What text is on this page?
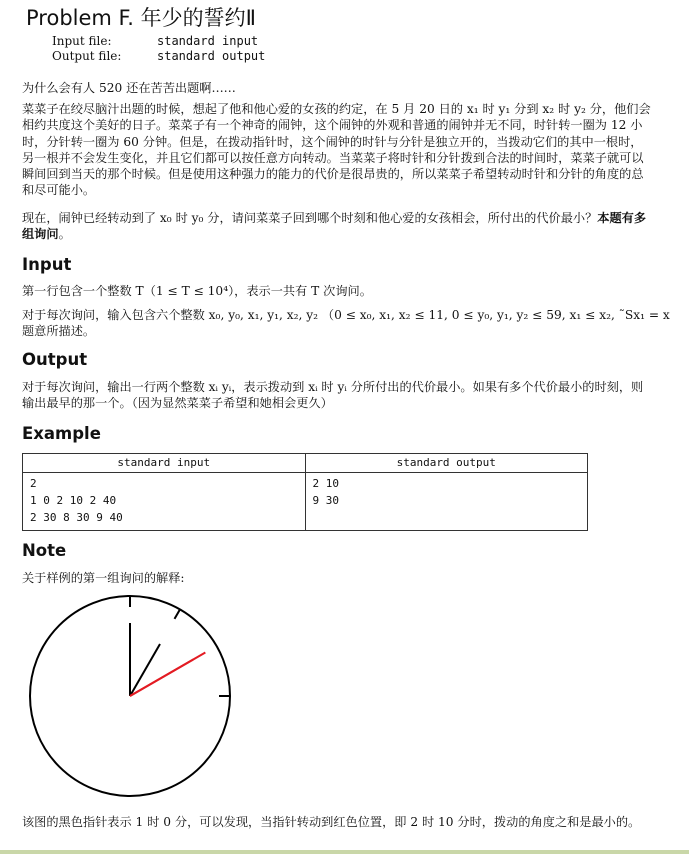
Problem F. 年少的誓约Ⅱ
Input file:	standard input
Output file:	standard output
为什么会有人 520 还在苦苦出题啊……
菜菜子在绞尽脑汁出题的时候，想起了他和他心爱的女孩的约定，在 5 月 20 日的 x₁ 时 y₁ 分到 x₂ 时 y₂ 分，他们会相约共度这个美好的日子。菜菜子有一个神奇的闹钟，这个闹钟的外观和普通的闹钟并无不同，时针转一圈为 12 小时，分针转一圈为 60 分钟。但是，在拨动指针时，这个闹钟的时针与分针是独立开的，当拨动它们的其中一根时，另一根并不会发生变化，并且它们都可以按任意方向转动。当菜菜子将时针和分针拨到合法的时间时，菜菜子就可以瞬间回到当天的那个时候。但是使用这种强力的能力的代价是很昂贵的，所以菜菜子希望转动时针和分针的角度的总和尽可能小。
现在，闹钟已经转动到了 x₀ 时 y₀ 分，请问菜菜子回到哪个时刻和他心爱的女孩相会，所付出的代价最小？本题有多组询问。
Input
第一行包含一个整数 T（1 ≤ T ≤ 10⁴），表示一共有 T 次询问。
对于每次询问，输入包含六个整数 x₀, y₀, x₁, y₁, x₂, y₂ （0 ≤ x₀, x₁, x₂ ≤ 11, 0 ≤ y₀, y₁, y₂ ≤ 59, x₁ ≤ x₂, ˜Sx₁ = x
题意所描述。
Output
对于每次询问，输出一行两个整数 xᵢ yᵢ，表示拨动到 xᵢ 时 yᵢ 分所付出的代价最小。如果有多个代价最小的时刻，则输出最早的那一个。（因为显然菜菜子希望和她相会更久）
Example
standard input
2
1 0 2 10 2 40
2 30 8 30 9 40
standard output
2 10
9 30
Note
关于样例的第一组询问的解释:
该图的黑色指针表示 1 时 0 分，可以发现，当指针转动到红色位置，即 2 时 10 分时，拨动的角度之和是最小的。
